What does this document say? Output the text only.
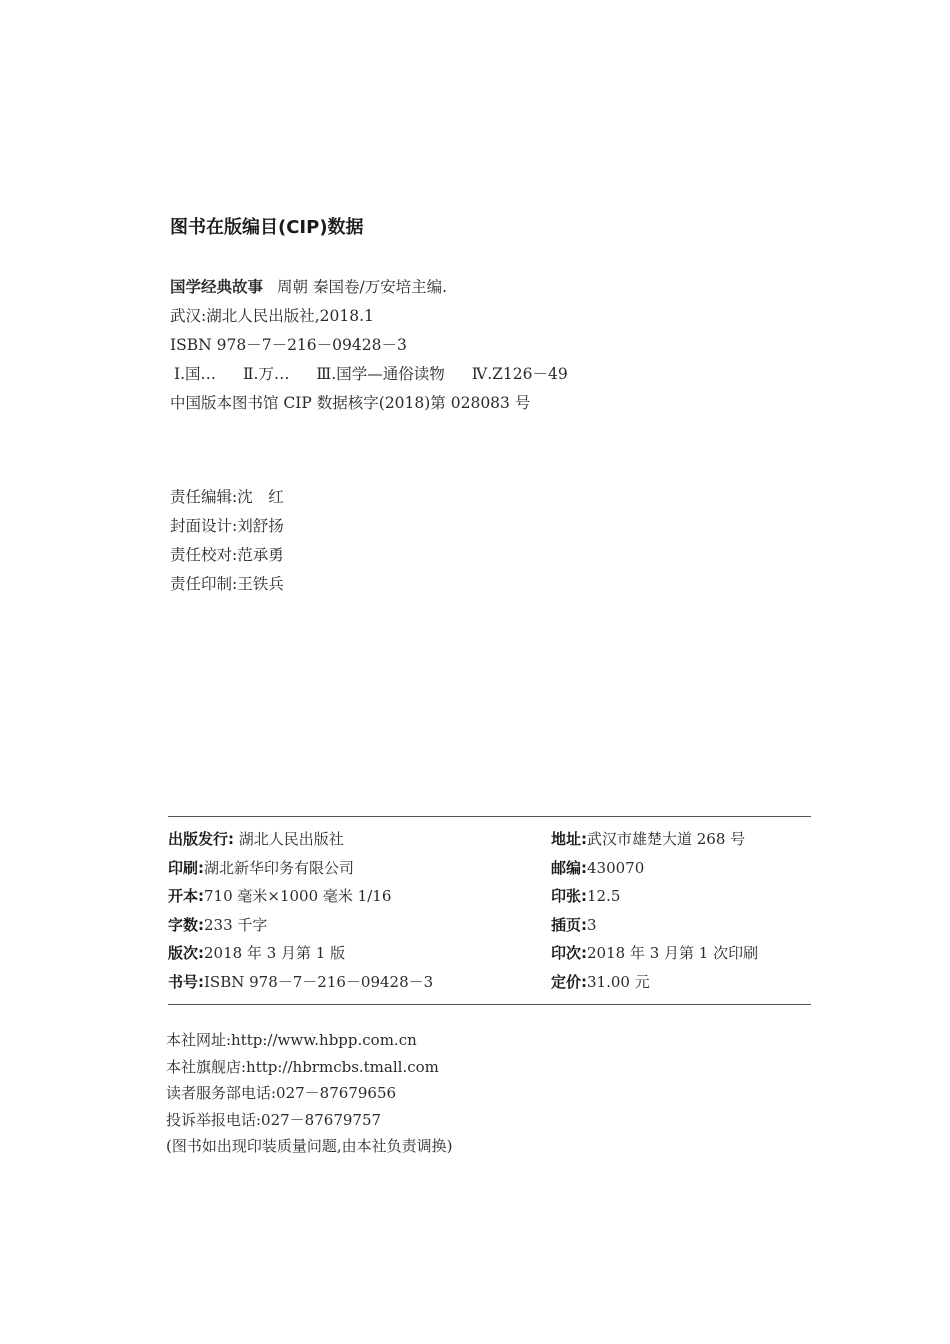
图书在版编目(CIP)数据
国学经典故事 周朝 秦国卷/万安培主编.
武汉:湖北人民出版社,2018.1
ISBN 978－7－216－09428－3
Ⅰ.国… Ⅱ.万… Ⅲ.国学—通俗读物 Ⅳ.Z126－49
中国版本图书馆 CIP 数据核字(2018)第 028083 号
责任编辑:沈　红
封面设计:刘舒扬
责任校对:范承勇
责任印制:王铁兵
出版发行: 湖北人民出版社
印刷:湖北新华印务有限公司
开本:710 毫米×1000 毫米 1/16
字数:233 千字
版次:2018 年 3 月第 1 版
书号:ISBN 978－7－216－09428－3
地址:武汉市雄楚大道 268 号
邮编:430070
印张:12.5
插页:3
印次:2018 年 3 月第 1 次印刷
定价:31.00 元
本社网址:http://www.hbpp.com.cn
本社旗舰店:http://hbrmcbs.tmall.com
读者服务部电话:027－87679656
投诉举报电话:027－87679757
(图书如出现印装质量问题,由本社负责调换)
